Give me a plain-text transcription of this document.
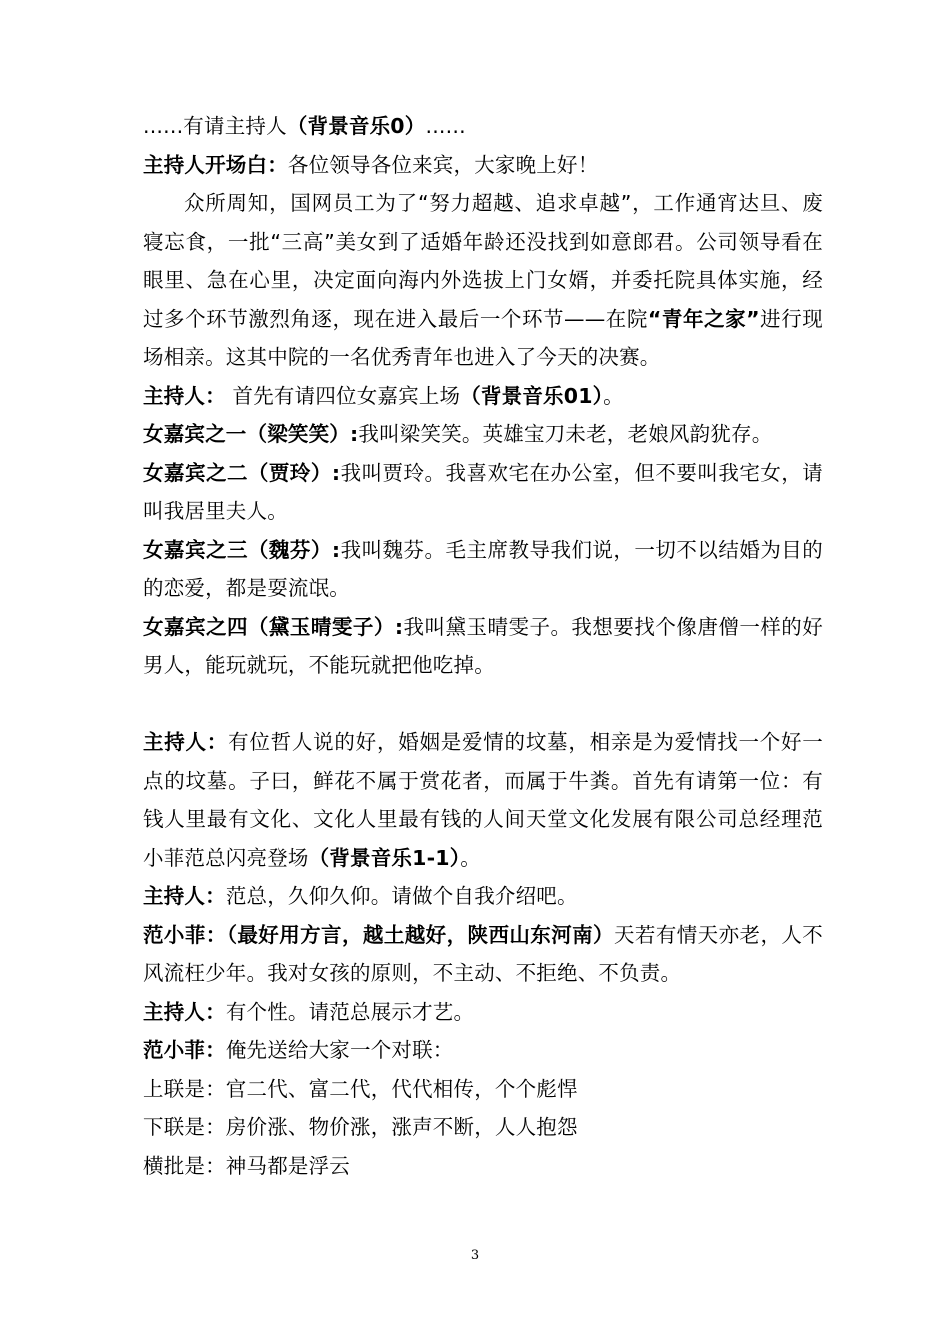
......有请主持人（背景音乐0）......
主持人开场白：各位领导各位来宾，大家晚上好！
众所周知，国网员工为了“努力超越、追求卓越”，工作通宵达旦、废寝忘食，一批“三高”美女到了适婚年龄还没找到如意郎君。公司领导看在眼里、急在心里，决定面向海内外选拔上门女婿，并委托院具体实施，经过多个环节激烈角逐，现在进入最后一个环节——在院“青年之家”进行现场相亲。这其中院的一名优秀青年也进入了今天的决赛。
主持人： 首先有请四位女嘉宾上场（背景音乐01）。
女嘉宾之一（梁笑笑）:我叫梁笑笑。英雄宝刀未老，老娘风韵犹存。
女嘉宾之二（贾玲）:我叫贾玲。我喜欢宅在办公室，但不要叫我宅女，请叫我居里夫人。
女嘉宾之三（魏芬）:我叫魏芬。毛主席教导我们说，一切不以结婚为目的的恋爱，都是耍流氓。
女嘉宾之四（黛玉晴雯子）:我叫黛玉晴雯子。我想要找个像唐僧一样的好男人，能玩就玩，不能玩就把他吃掉。
主持人：有位哲人说的好，婚姻是爱情的坟墓，相亲是为爱情找一个好一点的坟墓。子曰，鲜花不属于赏花者，而属于牛粪。首先有请第一位：有钱人里最有文化、文化人里最有钱的人间天堂文化发展有限公司总经理范小菲范总闪亮登场（背景音乐1-1）。
主持人：范总，久仰久仰。请做个自我介绍吧。
范小菲：（最好用方言，越土越好，陕西山东河南）天若有情天亦老，人不风流枉少年。我对女孩的原则，不主动、不拒绝、不负责。
主持人：有个性。请范总展示才艺。
范小菲：俺先送给大家一个对联：
上联是：官二代、富二代，代代相传，个个彪悍
下联是：房价涨、物价涨，涨声不断，人人抱怨
横批是：神马都是浮云
3
